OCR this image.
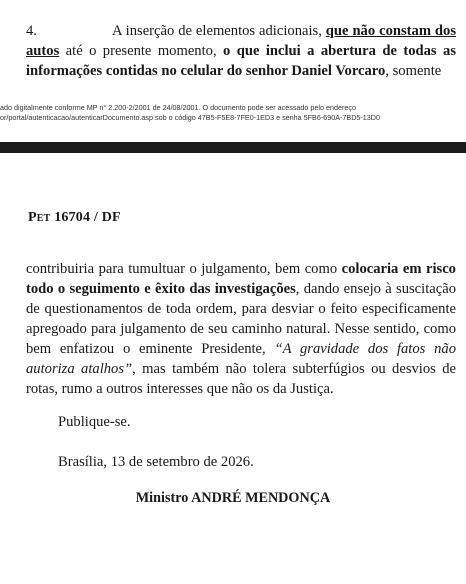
4.	A inserção de elementos adicionais, que não constam dos autos até o presente momento, o que inclui a abertura de todas as informações contidas no celular do senhor Daniel Vorcaro, somente
ado digitalmente conforme MP n° 2.200-2/2001 de 24/08/2001. O documento pode ser acessado pelo endereço
or/portal/autenticacao/autenticarDocumento.asp sob o código 47B5-F5E8-7FE0-1ED3 e senha 5FB6-690A-7BD5-13D0
Pet 16704 / DF
contribuiria para tumultuar o julgamento, bem como colocaria em risco todo o seguimento e êxito das investigações, dando ensejo à suscitação de questionamentos de toda ordem, para desviar o feito especificamente apregoado para julgamento de seu caminho natural. Nesse sentido, como bem enfatizou o eminente Presidente, “A gravidade dos fatos não autoriza atalhos”, mas também não tolera subterfúgios ou desvios de rotas, rumo a outros interesses que não os da Justiça.
Publique-se.
Brasília, 13 de setembro de 2026.
Ministro ANDRÉ MENDONÇA
